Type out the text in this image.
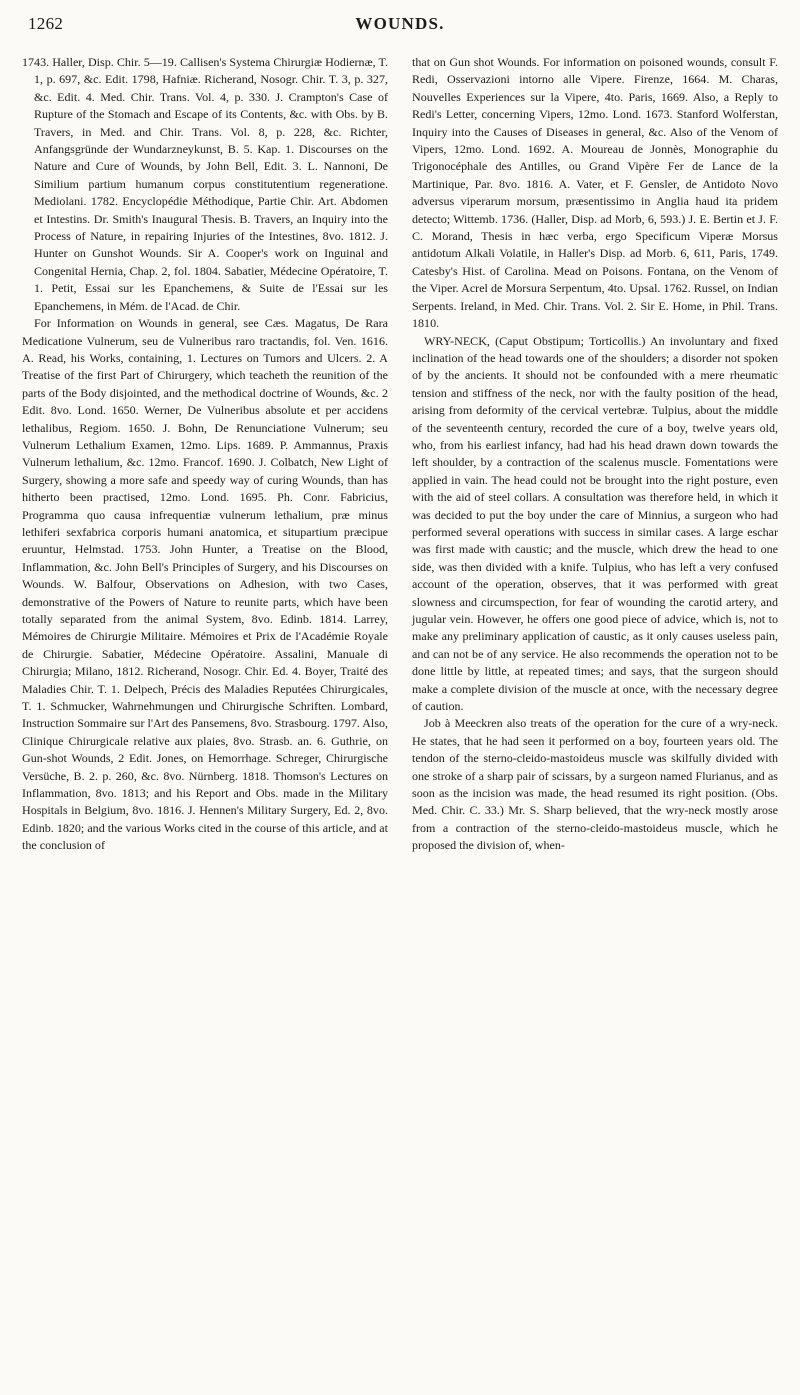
1262	WOUNDS.

1743. Haller, Disp. Chir. 5—19. Callisen's Systema Chirurgiæ Hodiernæ, T. 1, p. 697, &c. Edit. 1798, Hafniæ. Richerand, Nosogr. Chir. T. 3, p. 327, &c. Edit. 4. Med. Chir. Trans. Vol. 4, p. 330. J. Crampton's Case of Rupture of the Stomach and Escape of its Contents, &c. with Obs. by B. Travers, in Med. and Chir. Trans. Vol. 8, p. 228, &c. Richter, Anfangsgründe der Wundarzneykunst, B. 5. Kap. 1. Discourses on the Nature and Cure of Wounds, by John Bell, Edit. 3. L. Nannoni, De Similium partium humanum corpus constitutentium regeneratione. Mediolani. 1782. Encyclopédie Méthodique, Partie Chir. Art. Abdomen et Intestins. Dr. Smith's Inaugural Thesis. B. Travers, an Inquiry into the Process of Nature, in repairing Injuries of the Intestines, 8vo. 1812. J. Hunter on Gunshot Wounds. Sir A. Cooper's work on Inguinal and Congenital Hernia, Chap. 2, fol. 1804. Sabatier, Médecine Opératoire, T. 1. Petit, Essai sur les Epanchemens, & Suite de l'Essai sur les Epanchemens, in Mém. de l'Acad. de Chir.

For Information on Wounds in general, see Cæs. Magatus, De Rara Medicatione Vulnerum, seu de Vulneribus raro tractandis, fol. Ven. 1616. A. Read, his Works, containing, 1. Lectures on Tumors and Ulcers. 2. A Treatise of the first Part of Chirurgery, which teacheth the reunition of the parts of the Body disjointed, and the methodical doctrine of Wounds, &c. 2 Edit. 8vo. Lond. 1650. Werner, De Vulneribus absolute et per accidens lethalibus, Regiom. 1650. J. Bohn, De Renunciatione Vulnerum; seu Vulnerum Lethalium Examen, 12mo. Lips. 1689. P. Ammannus, Praxis Vulnerum lethalium, &c. 12mo. Francof. 1690. J. Colbatch, New Light of Surgery, showing a more safe and speedy way of curing Wounds, than has hitherto been practised, 12mo. Lond. 1695. Ph. Conr. Fabricius, Programma quo causa infrequentiæ vulnerum lethalium, præ minus lethiferi sexfabrica corporis humani anatomica, et situpartium præcipue eruuntur, Helmstad. 1753. John Hunter, a Treatise on the Blood, Inflammation, &c. John Bell's Principles of Surgery, and his Discourses on Wounds. W. Balfour, Observations on Adhesion, with two Cases, demonstrative of the Powers of Nature to reunite parts, which have been totally separated from the animal System, 8vo. Edinb. 1814. Larrey, Mémoires de Chirurgie Militaire. Mémoires et Prix de l'Académie Royale de Chirurgie. Sabatier, Médecine Opératoire. Assalini, Manuale di Chirurgia; Milano, 1812. Richerand, Nosogr. Chir. Ed. 4. Boyer, Traité des Maladies Chir. T. 1. Delpech, Précis des Maladies Reputées Chirurgicales, T. 1. Schmucker, Wahrnehmungen und Chirurgische Schriften. Lombard, Instruction Sommaire sur l'Art des Pansemens, 8vo. Strasbourg. 1797. Also, Clinique Chirurgicale relative aux plaies, 8vo. Strasb. an. 6. Guthrie, on Gun-shot Wounds, 2 Edit. Jones, on Hemorrhage. Schreger, Chirurgische Versüche, B. 2. p. 260, &c. 8vo. Nürnberg. 1818. Thomson's Lectures on Inflammation, 8vo. 1813; and his Report and Obs. made in the Military Hospitals in Belgium, 8vo. 1816. J. Hennen's Military Surgery, Ed. 2, 8vo. Edinb. 1820; and the various Works cited in the course of this article, and at the conclusion of

that on Gun shot Wounds. For information on poisoned wounds, consult F. Redi, Osservazioni intorno alle Vipere. Firenze, 1664. M. Charas, Nouvelles Experiences sur la Vipere, 4to. Paris, 1669. Also, a Reply to Redi's Letter, concerning Vipers, 12mo. Lond. 1673. Stanford Wolferstan, Inquiry into the Causes of Diseases in general, &c. Also of the Venom of Vipers, 12mo. Lond. 1692. A. Moureau de Jonnès, Monographie du Trigonocéphale des Antilles, ou Grand Vipère Fer de Lance de la Martinique, Par. 8vo. 1816. A. Vater, et F. Gensler, de Antidoto Novo adversus viperarum morsum, præsentissimo in Anglia haud ita pridem detecto; Wittemb. 1736. (Haller, Disp. ad Morb, 6, 593.) J. E. Bertin et J. F. C. Morand, Thesis in hæc verba, ergo Specificum Viperæ Morsus antidotum Alkali Volatile, in Haller's Disp. ad Morb. 6, 611, Paris, 1749. Catesby's Hist. of Carolina. Mead on Poisons. Fontana, on the Venom of the Viper. Acrel de Morsura Serpentum, 4to. Upsal. 1762. Russel, on Indian Serpents. Ireland, in Med. Chir. Trans. Vol. 2. Sir E. Home, in Phil. Trans. 1810.

WRY-NECK, (Caput Obstipum; Torticollis.) An involuntary and fixed inclination of the head towards one of the shoulders; a disorder not spoken of by the ancients. It should not be confounded with a mere rheumatic tension and stiffness of the neck, nor with the faulty position of the head, arising from deformity of the cervical vertebræ. Tulpius, about the middle of the seventeenth century, recorded the cure of a boy, twelve years old, who, from his earliest infancy, had had his head drawn down towards the left shoulder, by a contraction of the scalenus muscle. Fomentations were applied in vain. The head could not be brought into the right posture, even with the aid of steel collars. A consultation was therefore held, in which it was decided to put the boy under the care of Minnius, a surgeon who had performed several operations with success in similar cases. A large eschar was first made with caustic; and the muscle, which drew the head to one side, was then divided with a knife. Tulpius, who has left a very confused account of the operation, observes, that it was performed with great slowness and circumspection, for fear of wounding the carotid artery, and jugular vein. However, he offers one good piece of advice, which is, not to make any preliminary application of caustic, as it only causes useless pain, and can not be of any service. He also recommends the operation not to be done little by little, at repeated times; and says, that the surgeon should make a complete division of the muscle at once, with the necessary degree of caution.

Job à Meeckren also treats of the operation for the cure of a wry-neck. He states, that he had seen it performed on a boy, fourteen years old. The tendon of the sterno-cleido-mastoideus muscle was skilfully divided with one stroke of a sharp pair of scissars, by a surgeon named Flurianus, and as soon as the incision was made, the head resumed its right position. (Obs. Med. Chir. C. 33.) Mr. S. Sharp believed, that the wry-neck mostly arose from a contraction of the sterno-cleido-mastoideus muscle, which he proposed the division of, when-
